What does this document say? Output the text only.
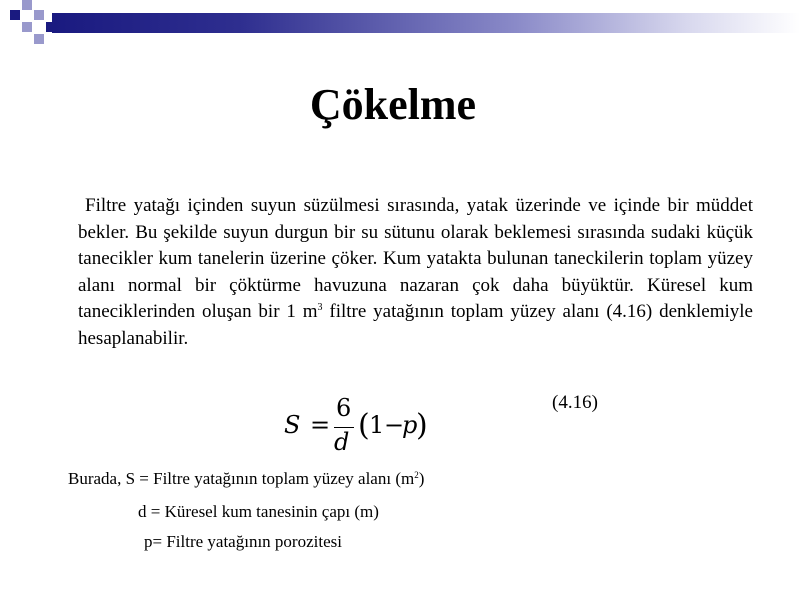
Çökelme

Filtre yatağı içinden suyun süzülmesi sırasında, yatak üzerinde ve içinde bir müddet bekler. Bu şekilde suyun durgun bir su sütunu olarak beklemesi sırasında sudaki küçük tanecikler kum tanelerin üzerine çöker. Kum yatakta bulunan taneckilerin toplam yüzey alanı normal bir çöktürme havuzuna nazaran çok daha büyüktür. Küresel kum taneciklerinden oluşan bir 1 $m^3$ filtre yatağının toplam yüzey alanı (4.16) denklemiyle hesaplanabilir.

(4.16)
S =
6
d ( 1 −
p
)
Burada, S = Filtre yatağının toplam yüzey alanı $(m^2)$
d = Küresel kum tanesinin çapı (m)
p= Filtre yatağının porozitesi
